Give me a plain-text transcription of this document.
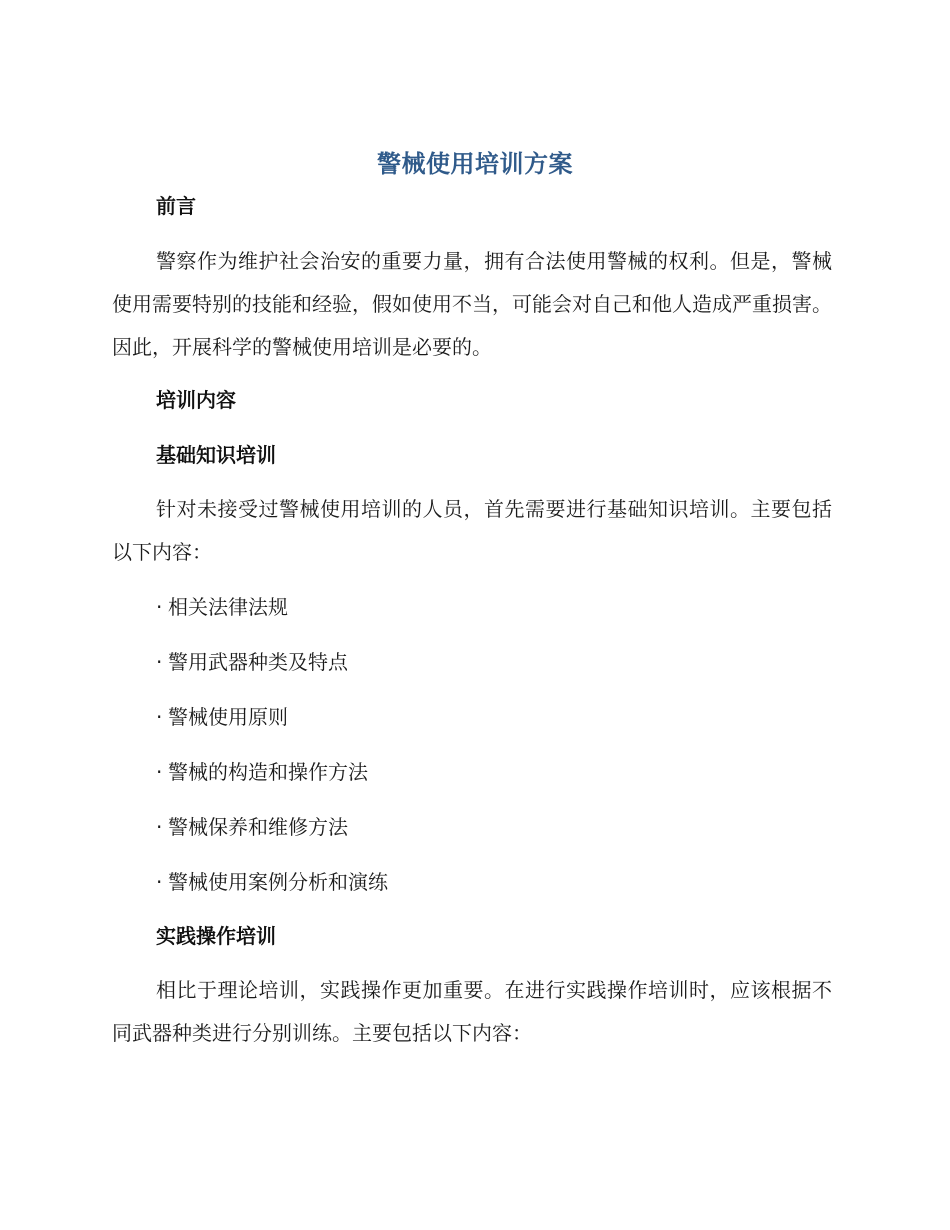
警械使用培训方案
前言
警察作为维护社会治安的重要力量，拥有合法使用警械的权利。但是，警械使用需要特别的技能和经验，假如使用不当，可能会对自己和他人造成严重损害。因此，开展科学的警械使用培训是必要的。
培训内容
基础知识培训
针对未接受过警械使用培训的人员，首先需要进行基础知识培训。主要包括以下内容：
· 相关法律法规
· 警用武器种类及特点
· 警械使用原则
· 警械的构造和操作方法
· 警械保养和维修方法
· 警械使用案例分析和演练
实践操作培训
相比于理论培训，实践操作更加重要。在进行实践操作培训时，应该根据不同武器种类进行分别训练。主要包括以下内容：
